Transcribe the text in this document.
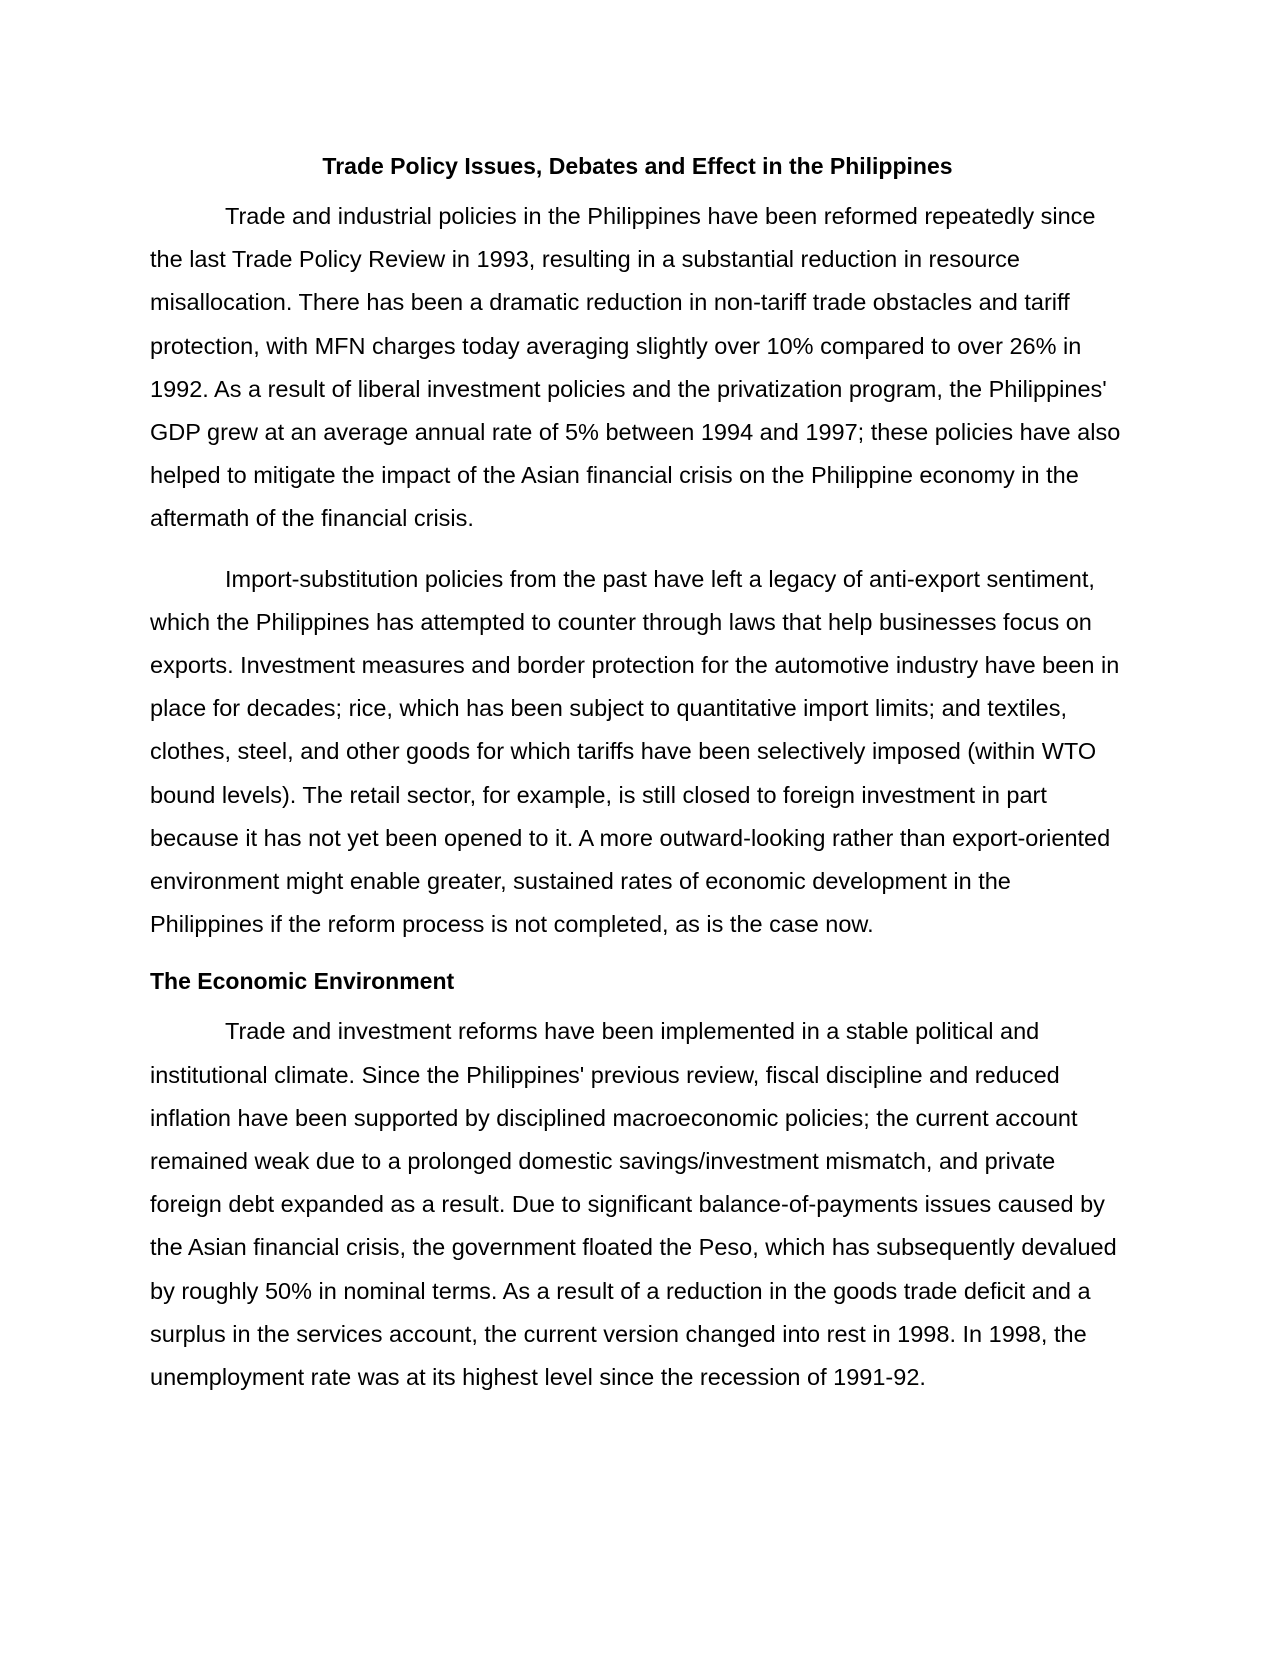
Trade Policy Issues, Debates and Effect in the Philippines

Trade and industrial policies in the Philippines have been reformed repeatedly since the last Trade Policy Review in 1993, resulting in a substantial reduction in resource misallocation. There has been a dramatic reduction in non-tariff trade obstacles and tariff protection, with MFN charges today averaging slightly over 10% compared to over 26% in 1992. As a result of liberal investment policies and the privatization program, the Philippines' GDP grew at an average annual rate of 5% between 1994 and 1997; these policies have also helped to mitigate the impact of the Asian financial crisis on the Philippine economy in the aftermath of the financial crisis.

Import-substitution policies from the past have left a legacy of anti-export sentiment, which the Philippines has attempted to counter through laws that help businesses focus on exports. Investment measures and border protection for the automotive industry have been in place for decades; rice, which has been subject to quantitative import limits; and textiles, clothes, steel, and other goods for which tariffs have been selectively imposed (within WTO bound levels). The retail sector, for example, is still closed to foreign investment in part because it has not yet been opened to it. A more outward-looking rather than export-oriented environment might enable greater, sustained rates of economic development in the Philippines if the reform process is not completed, as is the case now.

The Economic Environment

Trade and investment reforms have been implemented in a stable political and institutional climate. Since the Philippines' previous review, fiscal discipline and reduced inflation have been supported by disciplined macroeconomic policies; the current account remained weak due to a prolonged domestic savings/investment mismatch, and private foreign debt expanded as a result. Due to significant balance-of-payments issues caused by the Asian financial crisis, the government floated the Peso, which has subsequently devalued by roughly 50% in nominal terms. As a result of a reduction in the goods trade deficit and a surplus in the services account, the current version changed into rest in 1998. In 1998, the unemployment rate was at its highest level since the recession of 1991-92.
